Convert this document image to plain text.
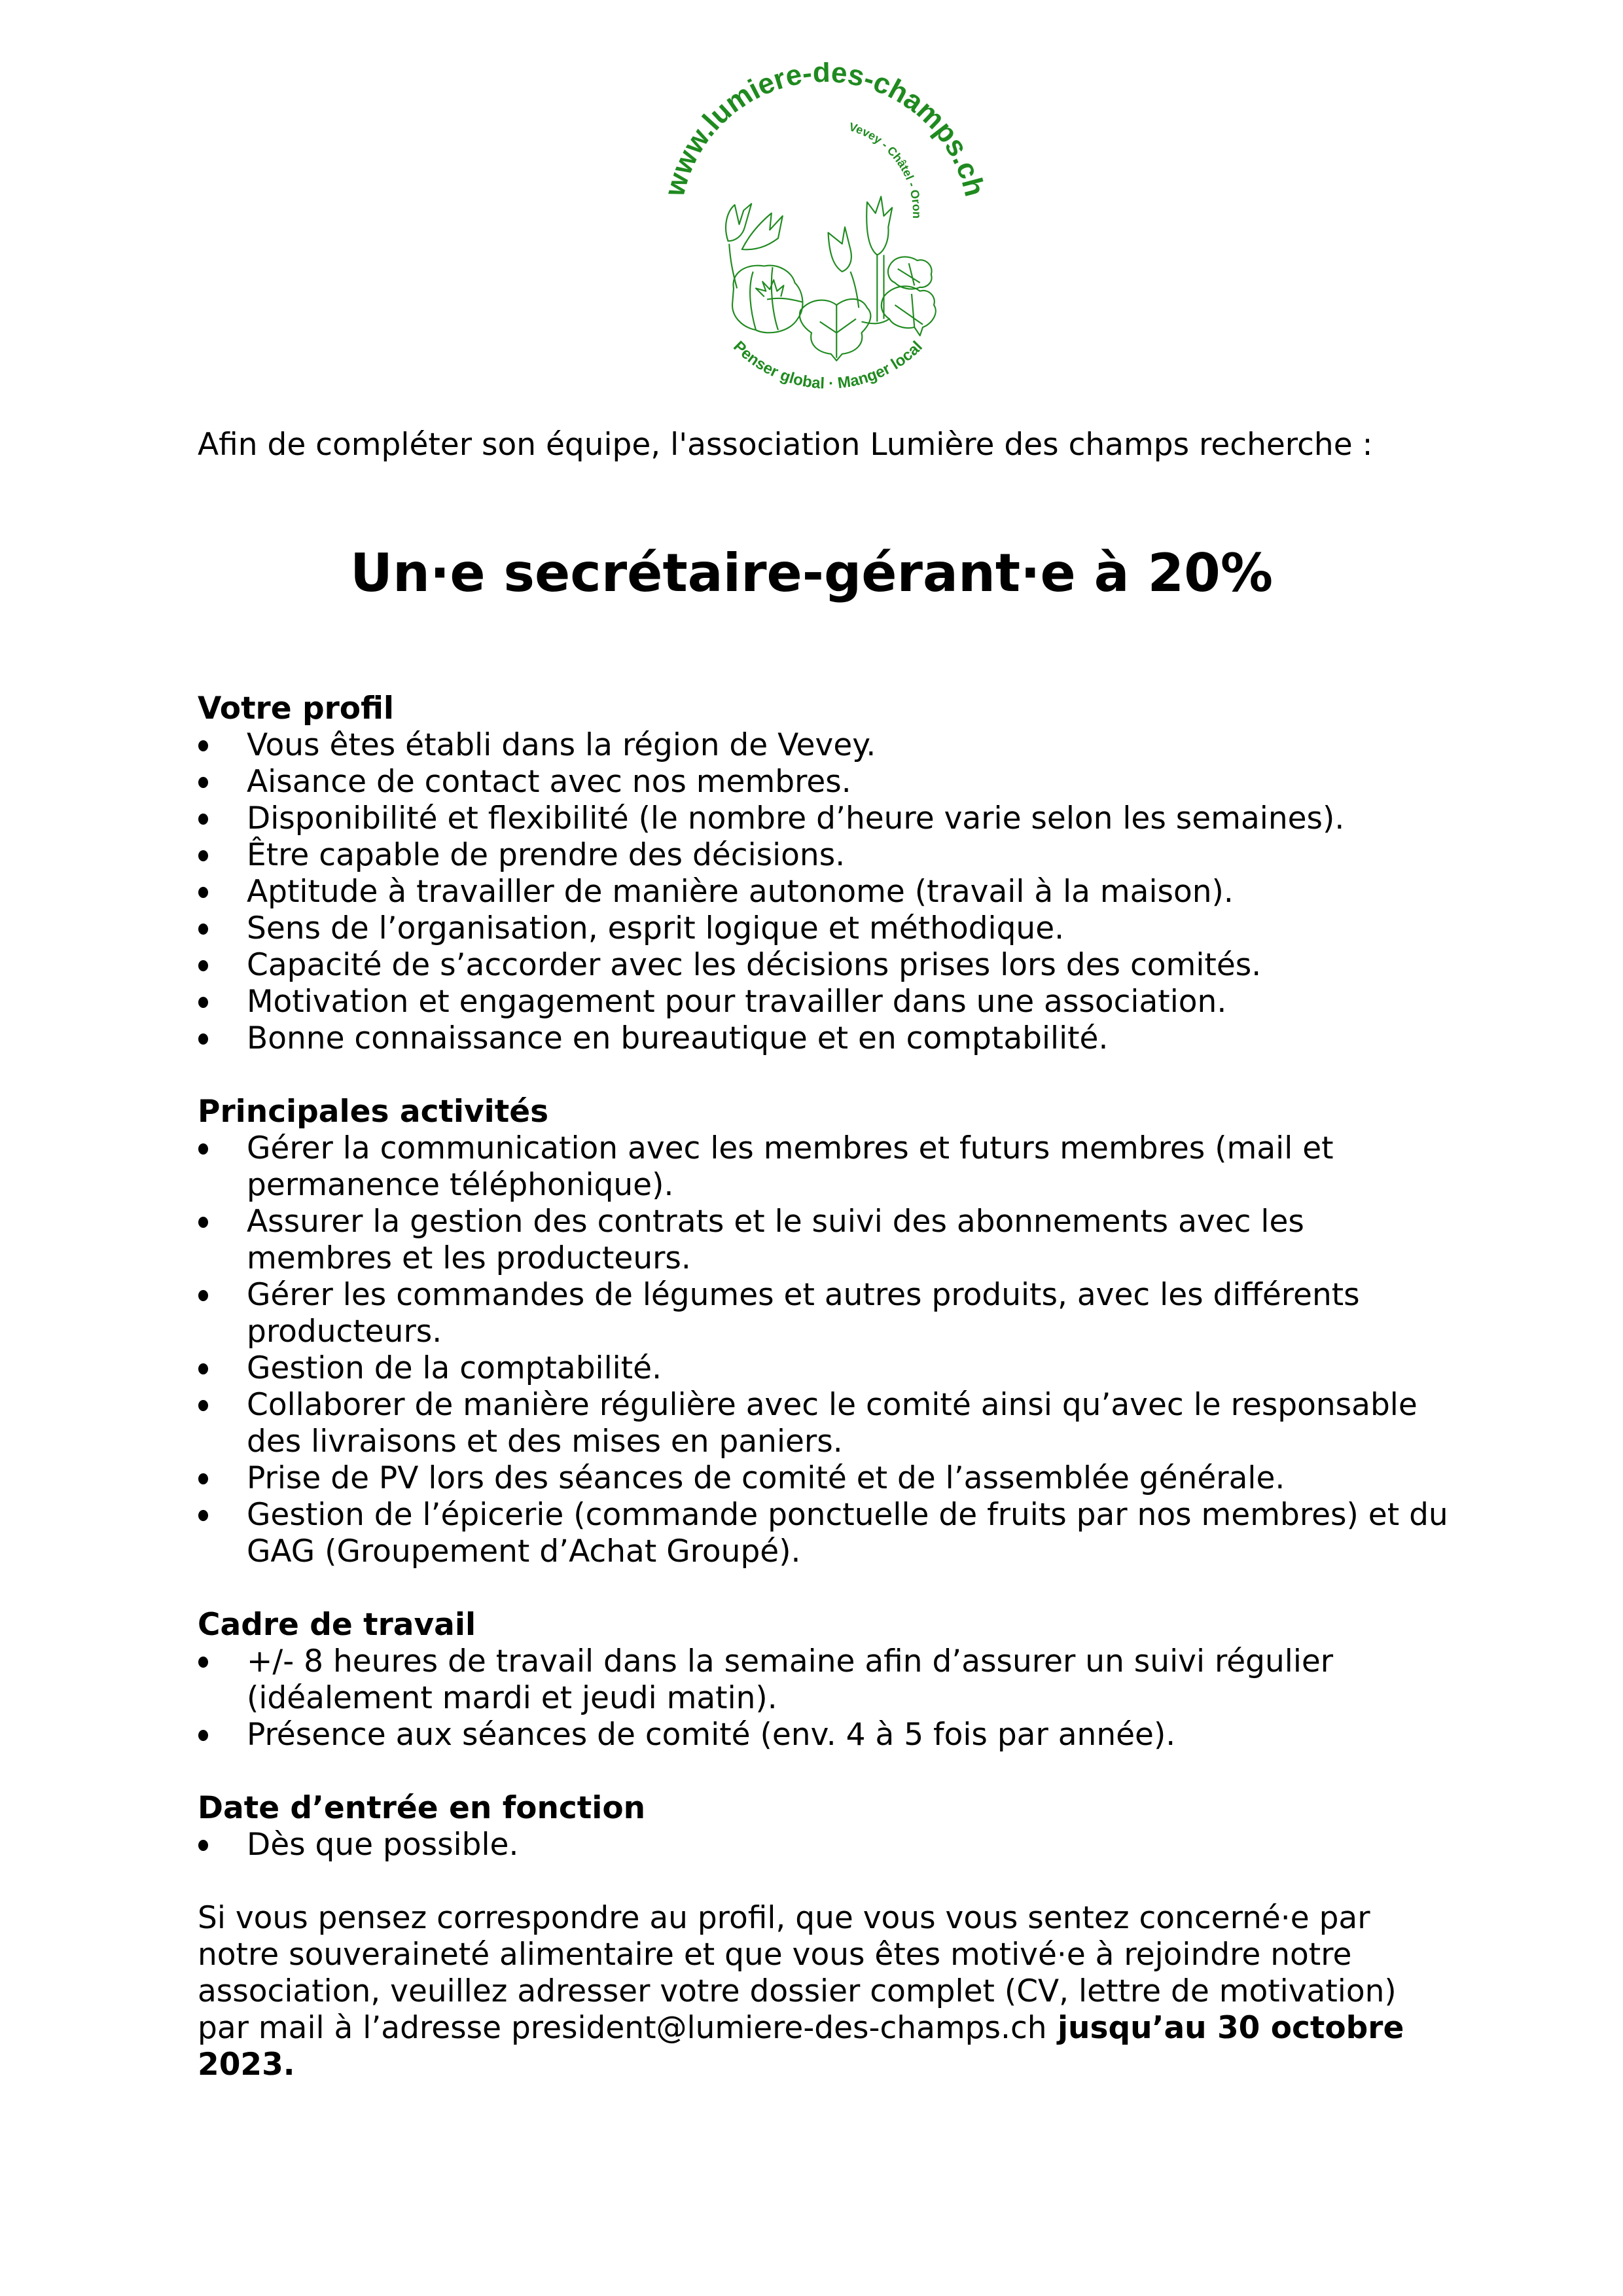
www.lumiere-des-champs.ch
Vevey - Châtel - Oron
Penser global · Manger local
Afin de compléter son équipe, l'association Lumière des champs recherche :
Un·e secrétaire-gérant·e à 20%
Votre profil
Vous êtes établi dans la région de Vevey.
Aisance de contact avec nos membres.
Disponibilité et flexibilité (le nombre d’heure varie selon les semaines).
Être capable de prendre des décisions.
Aptitude à travailler de manière autonome (travail à la maison).
Sens de l’organisation, esprit logique et méthodique.
Capacité de s’accorder avec les décisions prises lors des comités.
Motivation et engagement pour travailler dans une association.
Bonne connaissance en bureautique et en comptabilité.
Principales activités
Gérer la communication avec les membres et futurs membres (mail et
permanence téléphonique).
Assurer la gestion des contrats et le suivi des abonnements avec les
membres et les producteurs.
Gérer les commandes de légumes et autres produits, avec les différents
producteurs.
Gestion de la comptabilité.
Collaborer de manière régulière avec le comité ainsi qu’avec le responsable
des livraisons et des mises en paniers.
Prise de PV lors des séances de comité et de l’assemblée générale.
Gestion de l’épicerie (commande ponctuelle de fruits par nos membres) et du
GAG (Groupement d’Achat Groupé).
Cadre de travail
+/- 8 heures de travail dans la semaine afin d’assurer un suivi régulier
(idéalement mardi et jeudi matin).
Présence aux séances de comité (env. 4 à 5 fois par année).
Date d’entrée en fonction
Dès que possible.
Si vous pensez correspondre au profil, que vous vous sentez concerné·e par
notre souveraineté alimentaire et que vous êtes motivé·e à rejoindre notre
association, veuillez adresser votre dossier complet (CV, lettre de motivation)
par mail à l’adresse president@lumiere-des-champs.ch jusqu’au 30 octobre
2023.
